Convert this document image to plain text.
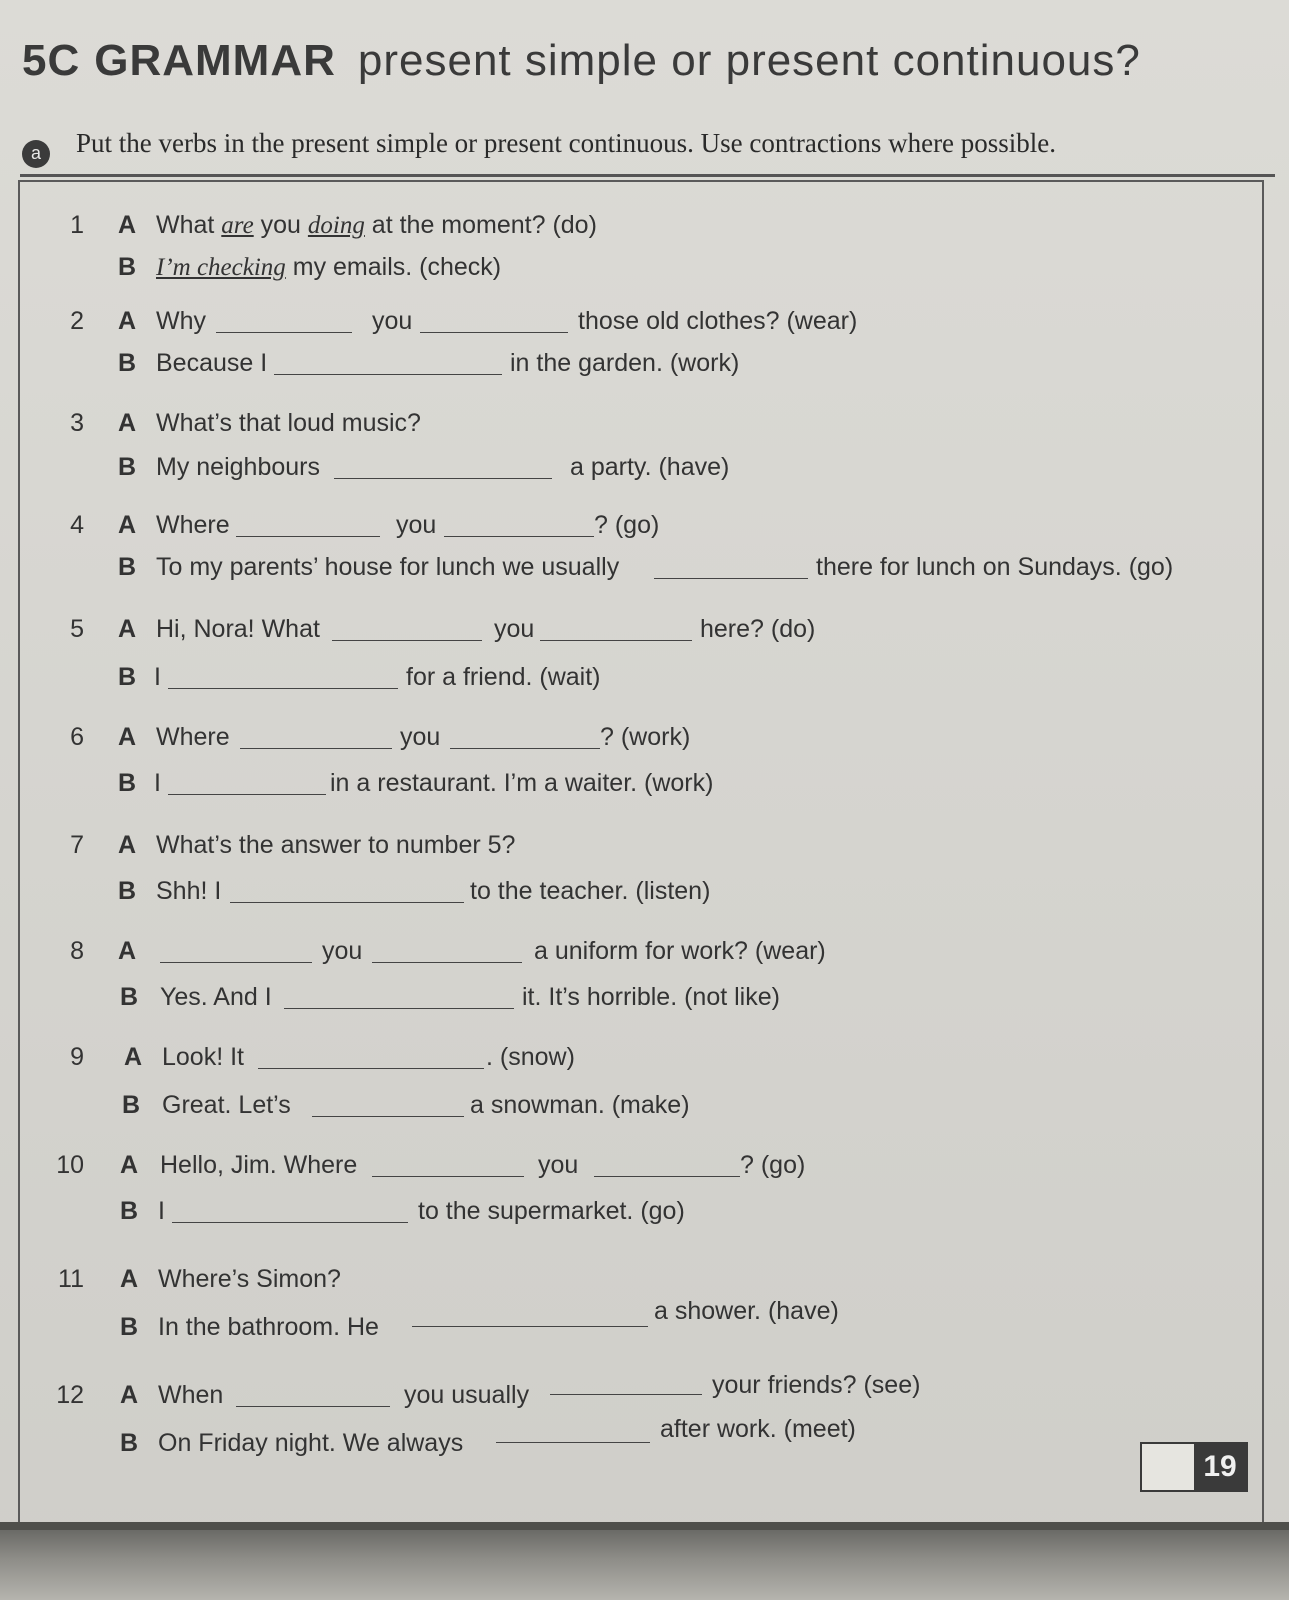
5C GRAMMAR present simple or present continuous?
a	Put the verbs in the present simple or present continuous. Use contractions where possible.
1 A What are you doing at the moment? (do)
B I’m checking my emails. (check)
2 A Why	you	those old clothes? (wear)
B Because I	in the garden. (work)
3 A What’s that loud music?
B My neighbours	a party. (have)
4 A Where	you	? (go)
B To my parents’ house for lunch we usually	there for lunch on Sundays. (go)
5 A Hi, Nora! What	you	here? (do)
B I	for a friend. (wait)
6 A Where	you	? (work)
B I	in a restaurant. I’m a waiter. (work)
7 A What’s the answer to number 5?
B Shh! I	to the teacher. (listen)
8 A	you	a uniform for work? (wear)
B Yes. And I	it. It’s horrible. (not like)
9 A Look! It	. (snow)
B Great. Let’s	a snowman. (make)
10 A Hello, Jim. Where	you	? (go)
B I	to the supermarket. (go)
11 A Where’s Simon?
B In the bathroom. He
a shower. (have)
12 A When	you usually	your friends? (see)
B On Friday night. We always	after work. (meet)
19
